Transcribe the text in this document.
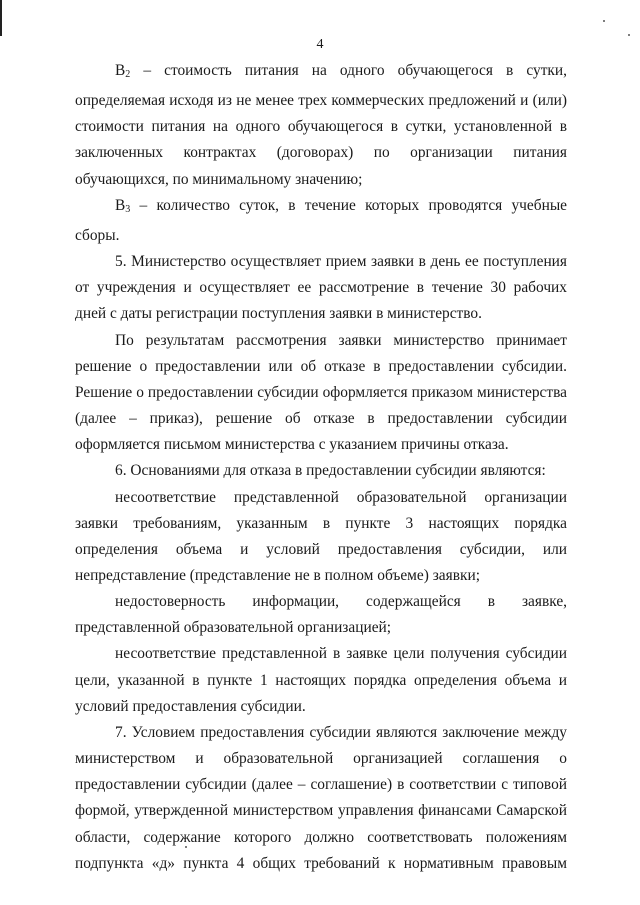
4

$B_2$ – стоимость питания на одного обучающегося в сутки, определяемая исходя из не менее трех коммерческих предложений и (или) стоимости питания на одного обучающегося в сутки, установленной в заключенных контрактах (договорах) по организации питания обучающихся, по минимальному значению;

$B_3$ – количество суток, в течение которых проводятся учебные сборы.

5. Министерство осуществляет прием заявки в день ее поступления от учреждения и осуществляет ее рассмотрение в течение 30 рабочих дней с даты регистрации поступления заявки в министерство.

По результатам рассмотрения заявки министерство принимает решение о предоставлении или об отказе в предоставлении субсидии. Решение о предоставлении субсидии оформляется приказом министерства (далее – приказ), решение об отказе в предоставлении субсидии оформляется письмом министерства с указанием причины отказа.

6. Основаниями для отказа в предоставлении субсидии являются:

несоответствие представленной образовательной организации заявки требованиям, указанным в пункте 3 настоящих порядка определения объема и условий предоставления субсидии, или непредставление (представление не в полном объеме) заявки;

недостоверность информации, содержащейся в заявке, представленной образовательной организацией;

несоответствие представленной в заявке цели получения субсидии цели, указанной в пункте 1 настоящих порядка определения объема и условий предоставления субсидии.

7. Условием предоставления субсидии являются заключение между министерством и образовательной организацией соглашения о предоставлении субсидии (далее – соглашение) в соответствии с типовой формой, утвержденной министерством управления финансами Самарской области, содержание которого должно соответствовать положениям подпункта «д» пункта 4 общих требований к нормативным правовым
